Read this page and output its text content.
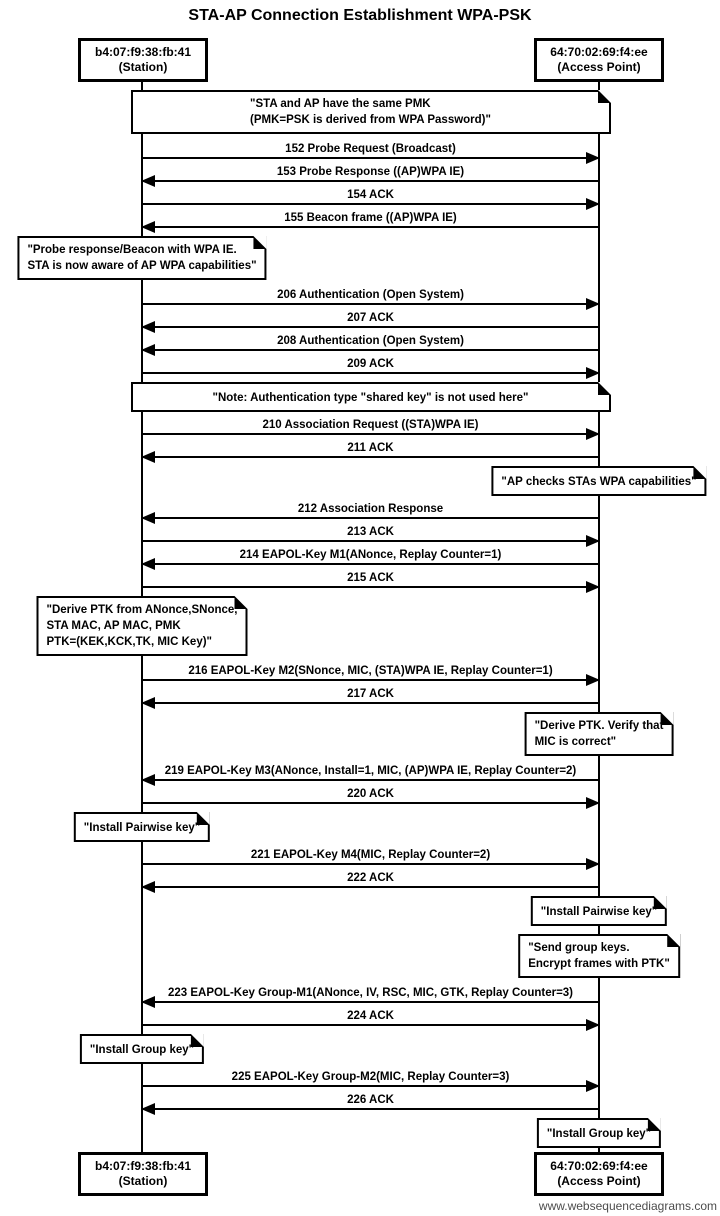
STA-AP Connection Establishment WPA-PSK
b4:07:f9:38:fb:41
(Station)
64:70:02:69:f4:ee
(Access Point)
"STA and AP have the same PMK
(PMK=PSK is derived from WPA Password)"
152 Probe Request (Broadcast)
153 Probe Response ((AP)WPA IE)
154 ACK
155 Beacon frame ((AP)WPA IE)
"Probe response/Beacon with WPA IE.
STA is now aware of AP WPA capabilities"
206 Authentication (Open System)
207 ACK
208 Authentication (Open System)
209 ACK
"Note: Authentication type "shared key" is not used here"
210 Association Request ((STA)WPA IE)
211 ACK
"AP checks STAs WPA capabilities"
212 Association Response
213 ACK
214 EAPOL-Key M1(ANonce, Replay Counter=1)
215 ACK
"Derive PTK from ANonce,SNonce,
STA MAC, AP MAC, PMK
PTK=(KEK,KCK,TK, MIC Key)"
216 EAPOL-Key M2(SNonce, MIC, (STA)WPA IE, Replay Counter=1)
217 ACK
"Derive PTK. Verify that
MIC is correct"
219 EAPOL-Key M3(ANonce, Install=1, MIC, (AP)WPA IE, Replay Counter=2)
220 ACK
"Install Pairwise key"
221 EAPOL-Key M4(MIC, Replay Counter=2)
222 ACK
"Install Pairwise key"
"Send group keys.
Encrypt frames with PTK"
223 EAPOL-Key Group-M1(ANonce, IV, RSC, MIC, GTK, Replay Counter=3)
224 ACK
"Install Group key"
225 EAPOL-Key Group-M2(MIC, Replay Counter=3)
226 ACK
"Install Group key"
b4:07:f9:38:fb:41
(Station)
64:70:02:69:f4:ee
(Access Point)
www.websequencediagrams.com
